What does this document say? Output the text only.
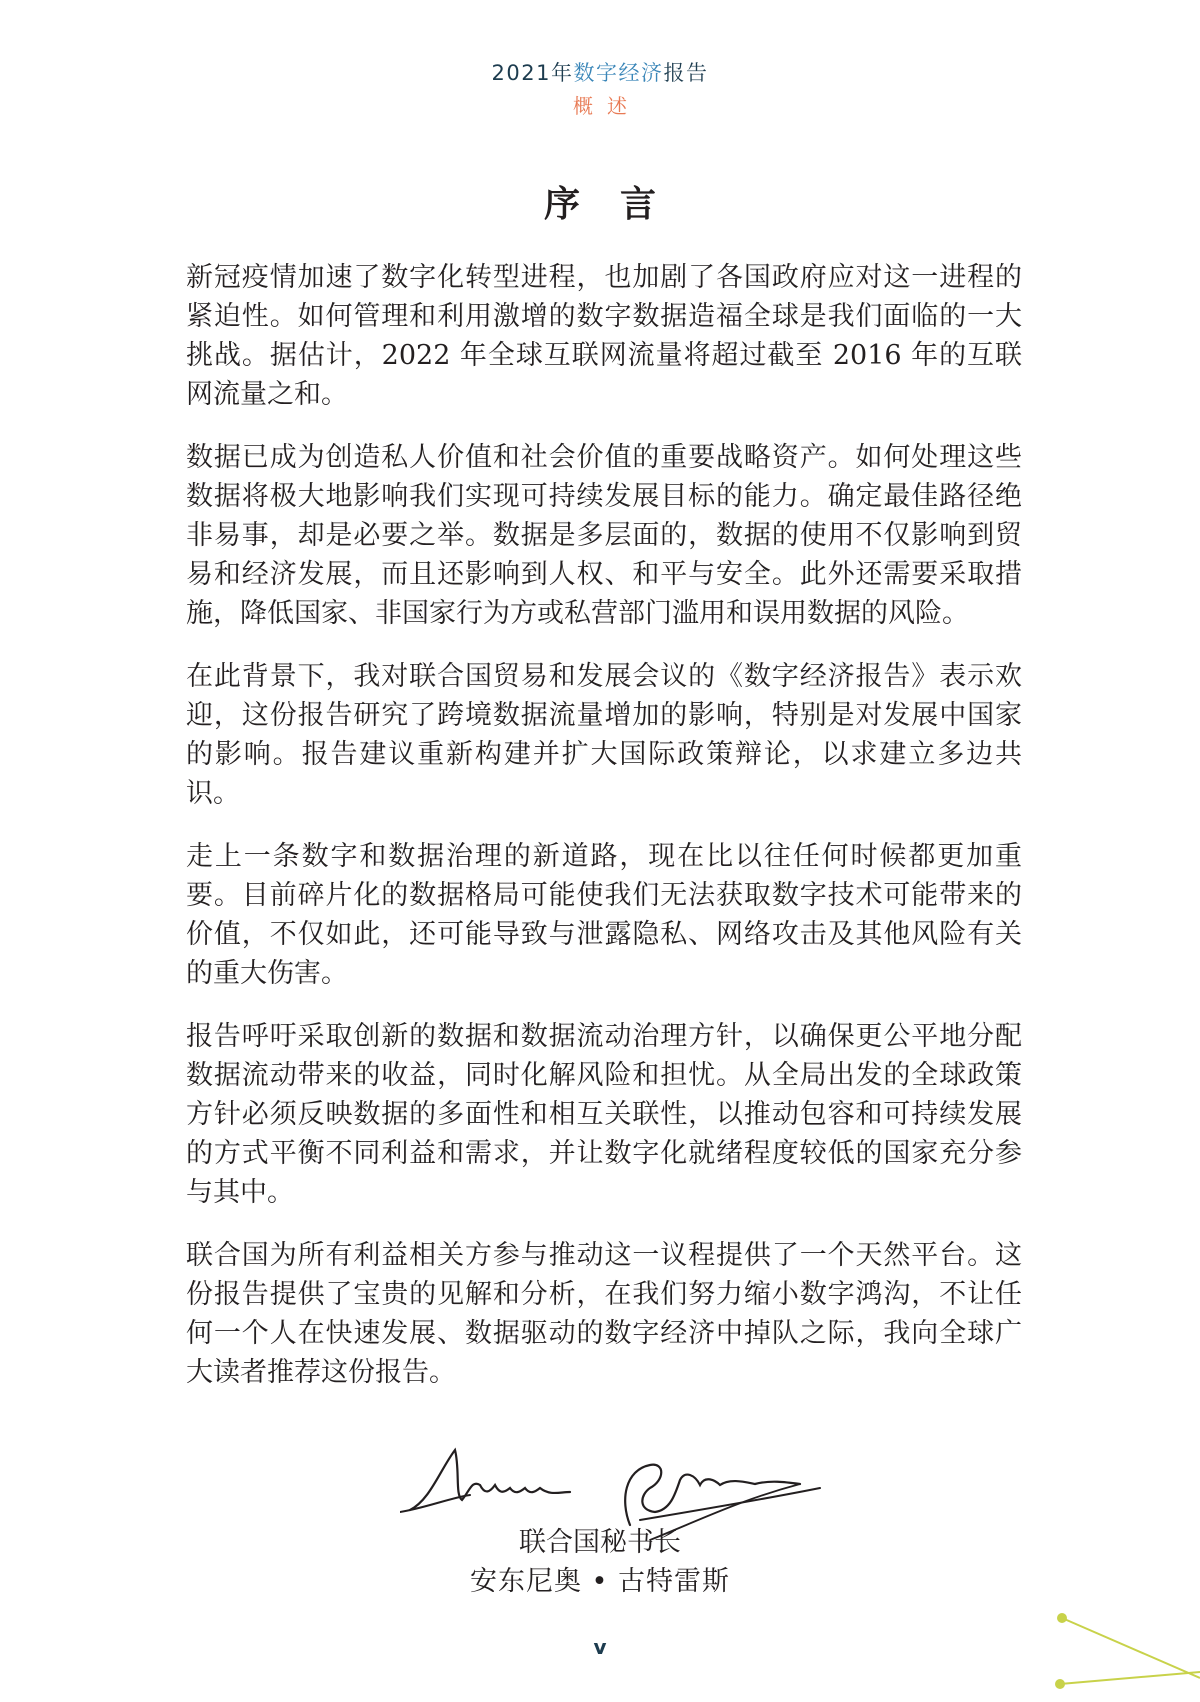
2021年数字经济报告
概述
序言

新冠疫情加速了数字化转型进程，也加剧了各国政府应对这一进程的紧迫性。如何管理和利用激增的数字数据造福全球是我们面临的一大挑战。据估计，2022 年全球互联网流量将超过截至 2016 年的互联网流量之和。

数据已成为创造私人价值和社会价值的重要战略资产。如何处理这些数据将极大地影响我们实现可持续发展目标的能力。确定最佳路径绝非易事，却是必要之举。数据是多层面的，数据的使用不仅影响到贸易和经济发展，而且还影响到人权、和平与安全。此外还需要采取措施，降低国家、非国家行为方或私营部门滥用和误用数据的风险。

在此背景下，我对联合国贸易和发展会议的《数字经济报告》表示欢迎，这份报告研究了跨境数据流量增加的影响，特别是对发展中国家的影响。报告建议重新构建并扩大国际政策辩论，以求建立多边共识。

走上一条数字和数据治理的新道路，现在比以往任何时候都更加重要。目前碎片化的数据格局可能使我们无法获取数字技术可能带来的价值，不仅如此，还可能导致与泄露隐私、网络攻击及其他风险有关的重大伤害。

报告呼吁采取创新的数据和数据流动治理方针，以确保更公平地分配数据流动带来的收益，同时化解风险和担忧。从全局出发的全球政策方针必须反映数据的多面性和相互关联性，以推动包容和可持续发展的方式平衡不同利益和需求，并让数字化就绪程度较低的国家充分参与其中。

联合国为所有利益相关方参与推动这一议程提供了一个天然平台。这份报告提供了宝贵的见解和分析，在我们努力缩小数字鸿沟，不让任何一个人在快速发展、数据驱动的数字经济中掉队之际，我向全球广大读者推荐这份报告。

联合国秘书长
安东尼奥 • 古特雷斯
v
